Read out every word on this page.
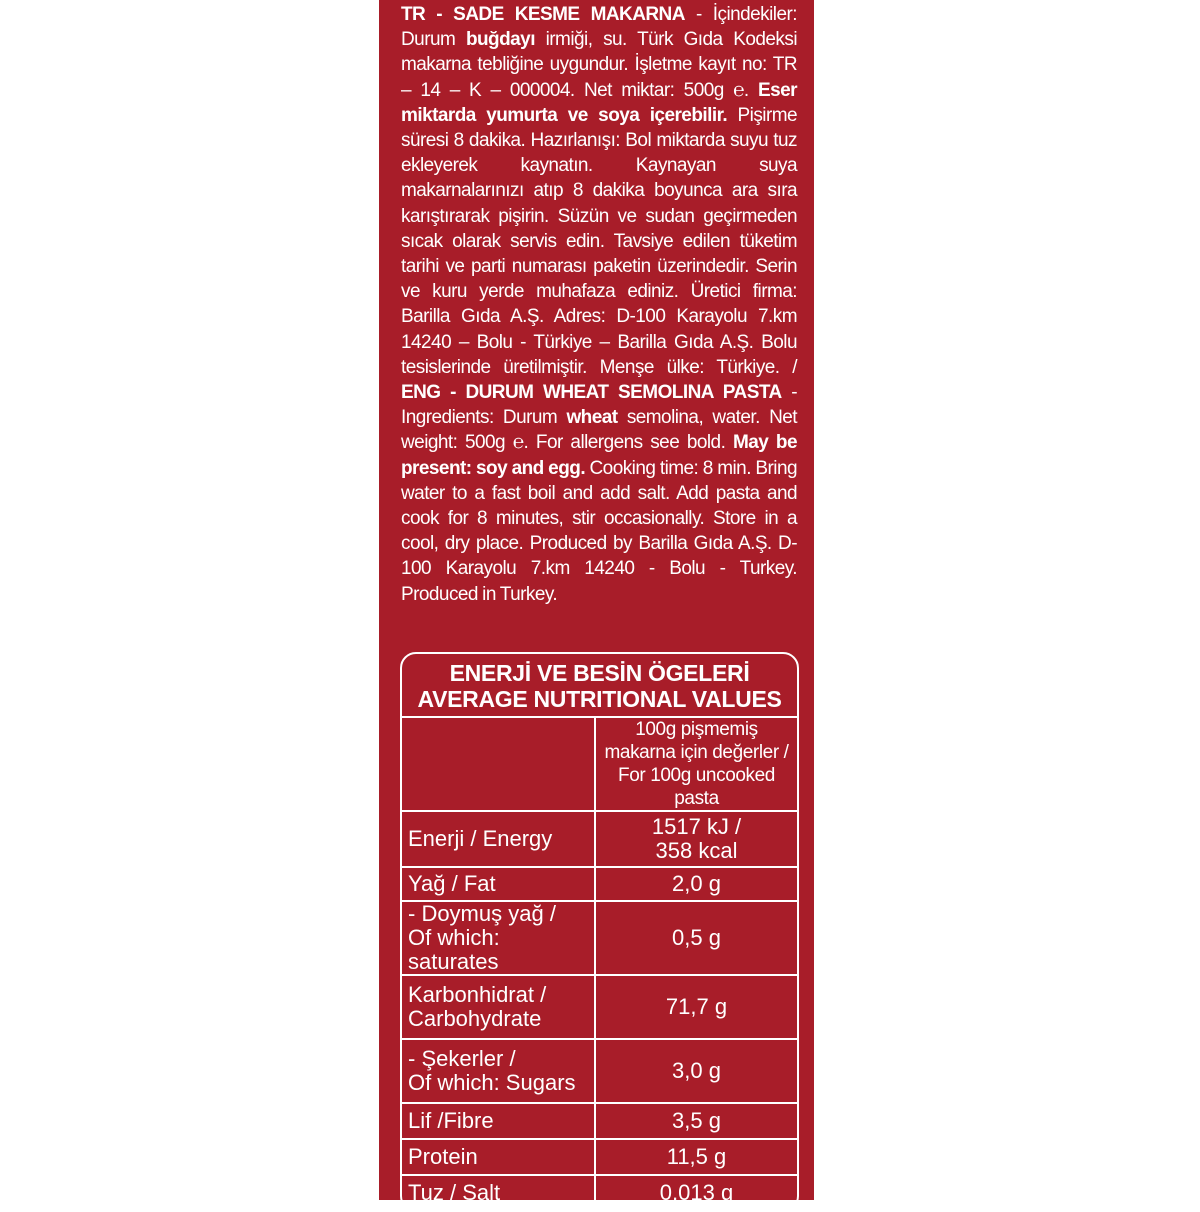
TR - SADE KESME MAKARNA - İçindekiler: Durum buğdayı irmiği, su. Türk Gıda Kodeksi makarna tebliğine uygundur. İşletme kayıt no: TR – 14 – K – 000004. Net miktar: 500g ℮. Eser miktarda yumurta ve soya içerebilir. Pişirme süresi 8 dakika. Hazırlanışı: Bol miktarda suyu tuz ekleyerek kaynatın. Kaynayan suya makarnalarınızı atıp 8 dakika boyunca ara sıra karıştırarak pişirin. Süzün ve sudan geçirmeden sıcak olarak servis edin. Tavsiye edilen tüketim tarihi ve parti numarası paketin üzerindedir. Serin ve kuru yerde muhafaza ediniz. Üretici firma: Barilla Gıda A.Ş. Adres: D-100 Karayolu 7.km 14240 – Bolu - Türkiye – Barilla Gıda A.Ş. Bolu tesislerinde üretilmiştir. Menşe ülke: Türkiye. / ENG - DURUM WHEAT SEMOLINA PASTA - Ingredients: Durum wheat semolina, water. Net weight: 500g ℮. For allergens see bold. May be present: soy and egg. Cooking time: 8 min. Bring water to a fast boil and add salt. Add pasta and cook for 8 minutes, stir occasionally. Store in a cool, dry place. Produced by Barilla Gıda A.Ş. D-100 Karayolu 7.km 14240 - Bolu - Turkey. Produced in Turkey.
ENERJİ VE BESİN ÖGELERİ
AVERAGE NUTRITIONAL VALUES
	100g pişmemiş makarna için değerler / For 100g uncooked pasta

Enerji / Energy	1517 kJ /
358 kcal

Yağ / Fat	2,0 g

- Doymuş yağ /
Of which: saturates	0,5 g

Karbonhidrat /
Carbohydrate	71,7 g

- Şekerler /
Of which: Sugars	3,0 g

Lif /Fibre	3,5 g

Protein	11,5 g

Tuz / Salt	0,013 g
